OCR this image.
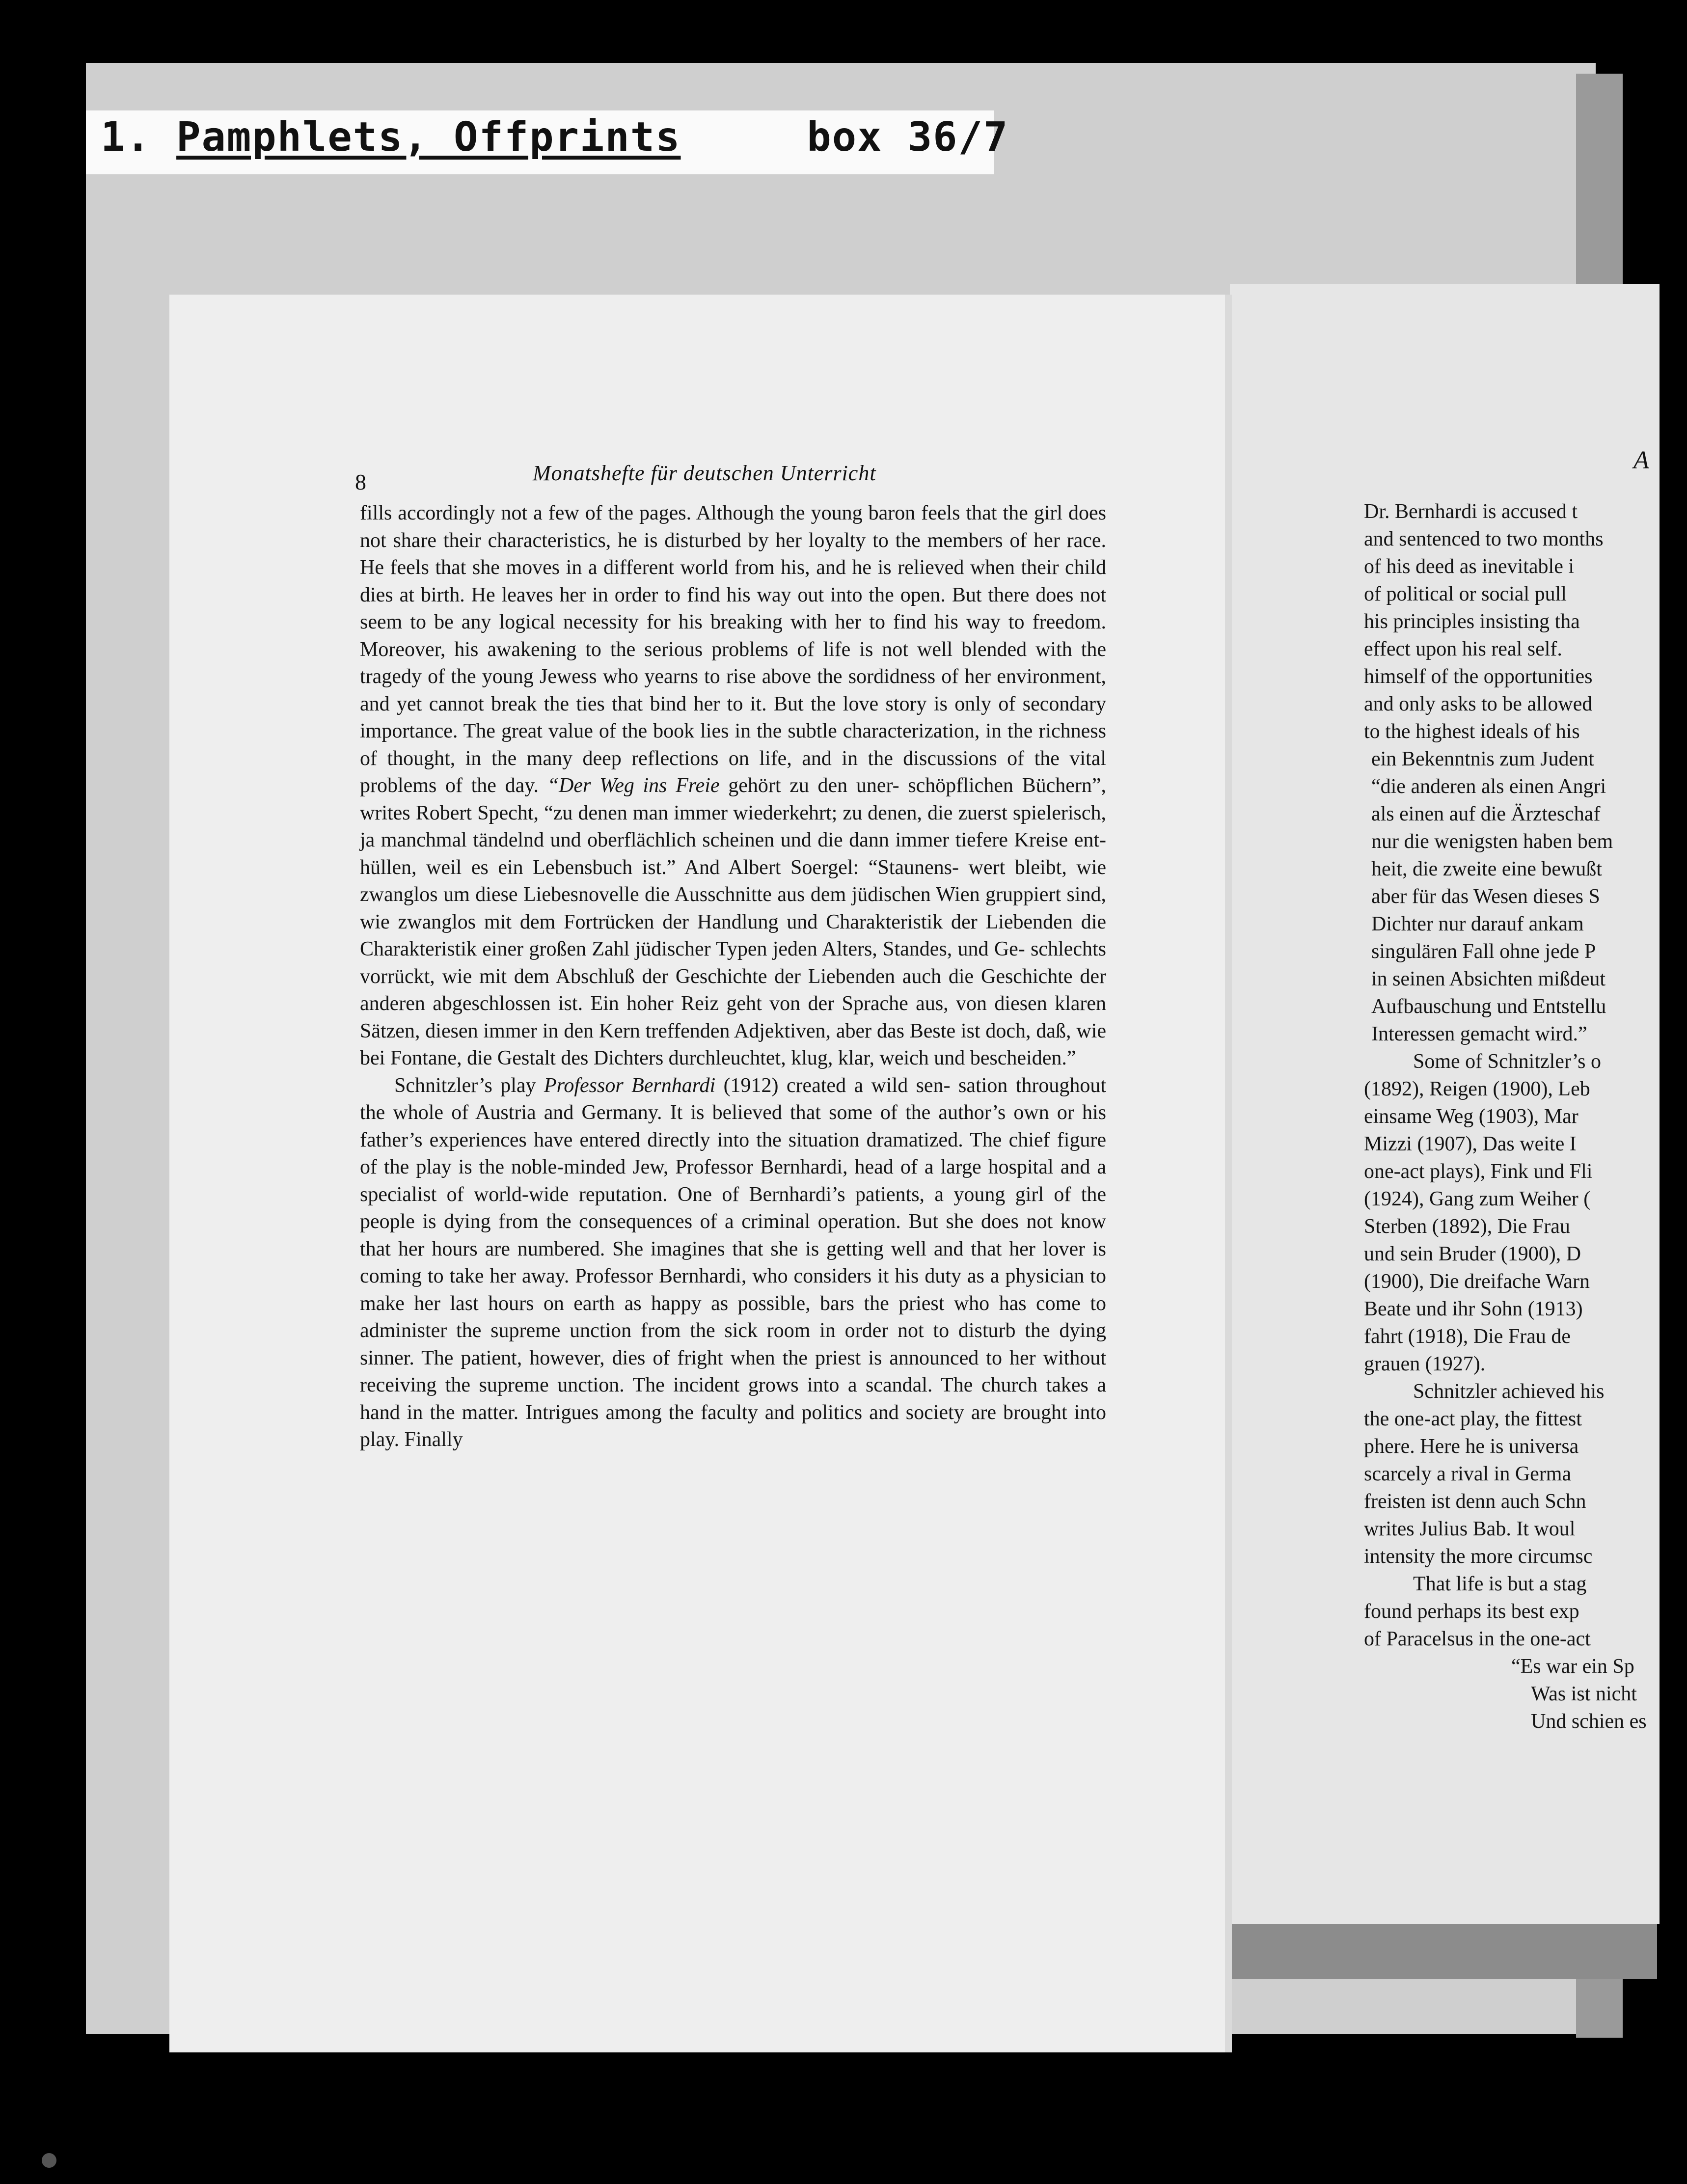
1. Pamphlets, Offprints	box 36/7
A
Dr. Bernhardi is accused t
and sentenced to two months
of his deed as inevitable i
of political or social pull
his principles insisting tha
effect upon his real self.
himself of the opportunities
and only asks to be allowed
to the highest ideals of his
ein Bekenntnis zum Judent
“die anderen als einen Angri
als einen auf die Ärzteschaf
nur die wenigsten haben bem
heit, die zweite eine bewußt
aber für das Wesen dieses S
Dichter nur darauf ankam
singulären Fall ohne jede P
in seinen Absichten mißdeut
Aufbauschung und Entstellu
Interessen gemacht wird.”
Some of Schnitzler’s o
(1892), Reigen (1900), Leb
einsame Weg (1903), Mar
Mizzi (1907), Das weite I
one-act plays), Fink und Fli
(1924), Gang zum Weiher (
Sterben (1892), Die Frau
und sein Bruder (1900), D
(1900), Die dreifache Warn
Beate und ihr Sohn (1913)
fahrt (1918), Die Frau de
grauen (1927).
Schnitzler achieved his
the one-act play, the fittest
phere. Here he is universa
scarcely a rival in Germa
freisten ist denn auch Schn
writes Julius Bab. It woul
intensity the more circumsc
That life is but a stag
found perhaps its best exp
of Paracelsus in the one-act
“Es war ein Sp
Was ist nicht
Und schien es
8	Monatshefte für deutschen Unterricht

fills accordingly not a few of the pages. Although the young baron feels that the girl does not share their characteristics, he is disturbed by her loyalty to the members of her race. He feels that she moves in a different world from his, and he is relieved when their child dies at birth. He leaves her in order to find his way out into the open. But there does not seem to be any logical necessity for his breaking with her to find his way to freedom. Moreover, his awakening to the serious problems of life is not well blended with the tragedy of the young Jewess who yearns to rise above the sordidness of her environment, and yet cannot break the ties that bind her to it. But the love story is only of secondary importance. The great value of the book lies in the subtle characterization, in the richness of thought, in the many deep reflections on life, and in the discussions of the vital problems of the day. “Der Weg ins Freie gehört zu den uner- schöpflichen Büchern”, writes Robert Specht, “zu denen man immer wiederkehrt; zu denen, die zuerst spielerisch, ja manchmal tändelnd und oberflächlich scheinen und die dann immer tiefere Kreise ent- hüllen, weil es ein Lebensbuch ist.” And Albert Soergel: “Staunens- wert bleibt, wie zwanglos um diese Liebesnovelle die Ausschnitte aus dem jüdischen Wien gruppiert sind, wie zwanglos mit dem Fortrücken der Handlung und Charakteristik der Liebenden die Charakteristik einer großen Zahl jüdischer Typen jeden Alters, Standes, und Ge- schlechts vorrückt, wie mit dem Abschluß der Geschichte der Liebenden auch die Geschichte der anderen abgeschlossen ist. Ein hoher Reiz geht von der Sprache aus, von diesen klaren Sätzen, diesen immer in den Kern treffenden Adjektiven, aber das Beste ist doch, daß, wie bei Fontane, die Gestalt des Dichters durchleuchtet, klug, klar, weich und bescheiden.”

Schnitzler’s play Professor Bernhardi (1912) created a wild sen- sation throughout the whole of Austria and Germany. It is believed that some of the author’s own or his father’s experiences have entered directly into the situation dramatized. The chief figure of the play is the noble-minded Jew, Professor Bernhardi, head of a large hospital and a specialist of world-wide reputation. One of Bernhardi’s patients, a young girl of the people is dying from the consequences of a criminal operation. But she does not know that her hours are numbered. She imagines that she is getting well and that her lover is coming to take her away. Professor Bernhardi, who considers it his duty as a physician to make her last hours on earth as happy as possible, bars the priest who has come to administer the supreme unction from the sick room in order not to disturb the dying sinner. The patient, however, dies of fright when the priest is announced to her without receiving the supreme unction. The incident grows into a scandal. The church takes a hand in the matter. Intrigues among the faculty and politics and society are brought into play. Finally
